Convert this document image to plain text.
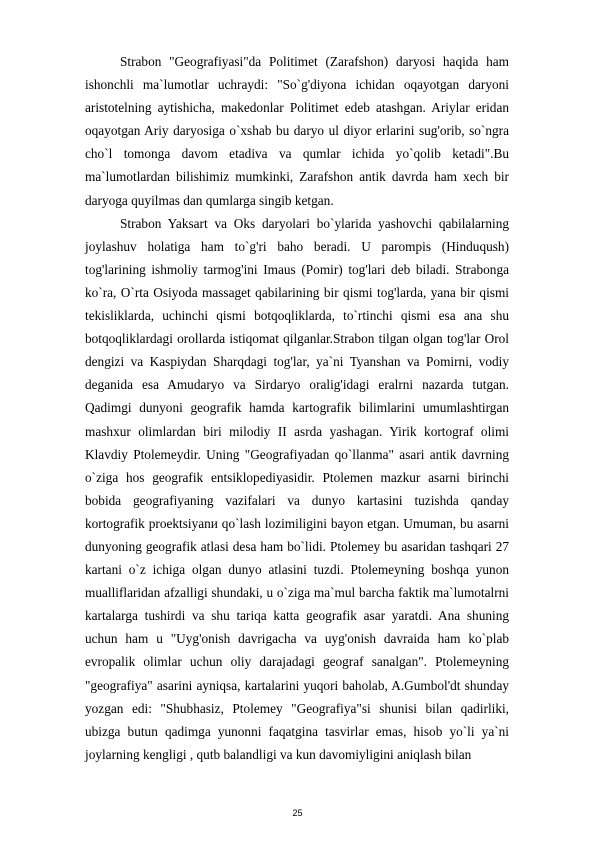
Strabon "Geografiyasi"da Politimet (Zarafshon) daryosi haqida ham ishonchli ma`lumotlar uchraydi: "So`g'diyona ichidan oqayotgan daryoni aristotelning aytishicha, makedonlar Politimet edeb atashgan. Ariylar eridan oqayotgan Ariy daryosiga o`xshab bu daryo ul diyor erlarini sug'orib, so`ngra cho`l tomonga davom etadiva va qumlar ichida yo`qolib ketadi".Bu ma`lumotlardan bilishimiz mumkinki, Zarafshon antik davrda ham xech bir daryoga quyilmas dan qumlarga singib ketgan.

Strabon Yaksart va Oks daryolari bo`ylarida yashovchi qabilalarning joylashuv holatiga ham to`g'ri baho beradi. U parompis (Hinduqush) tog'larining ishmoliy tarmog'ini Imaus (Pomir) tog'lari deb biladi. Strabonga ko`ra, O`rta Osiyoda massaget qabilarining bir qismi tog'larda, yana bir qismi tekisliklarda, uchinchi qismi botqoqliklarda, to`rtinchi qismi esa ana shu botqoqliklardagi orollarda istiqomat qilganlar.Strabon tilgan olgan tog'lar Orol dengizi va Kaspiydan Sharqdagi tog'lar, ya`ni Tyanshan va Pomirni, vodiy deganida esa Amudaryo va Sirdaryo oralig'idagi eralrni nazarda tutgan. Qadimgi dunyoni geografik hamda kartografik bilimlarini umumlashtirgan mashxur olimlardan biri milodiy II asrda yashagan. Yirik kortograf olimi Klavdiy Ptolemeydir. Uning "Geografiyadan qo`llanma" asari antik davrning o`ziga hos geografik entsiklopediyasidir. Ptolemen mazkur asarni birinchi bobida geografiyaning vazifalari va dunyo kartasini tuzishda qanday kortografik proektsiyanи qo`lash lozimiligini bayon etgan. Umuman, bu asarni dunyoning geografik atlasi desa ham bo`lidi. Ptolemey bu asaridan tashqari 27 kartani o`z ichiga olgan dunyo atlasini tuzdi. Ptolemeyning boshqa yunon mualliflaridan afzalligi shundaki, u o`ziga ma`mul barcha faktik ma`lumotalrni kartalarga tushirdi va shu tariqa katta geografik asar yaratdi. Ana shuning uchun ham u "Uyg'onish davrigacha va uyg'onish davraida ham ko`plab evropalik olimlar uchun oliy darajadagi geograf sanalgan". Ptolemeyning "geografiya" asarini ayniqsa, kartalarini yuqori baholab, A.Gumbol'dt shunday yozgan edi: "Shubhasiz, Ptolemey "Geografiya"si shunisi bilan qadirliki, ubizga butun qadimga yunonni faqatgina tasvirlar emas, hisob yo`li ya`ni joylarning kengligi , qutb balandligi va kun davomiyligini aniqlash bilan

25
